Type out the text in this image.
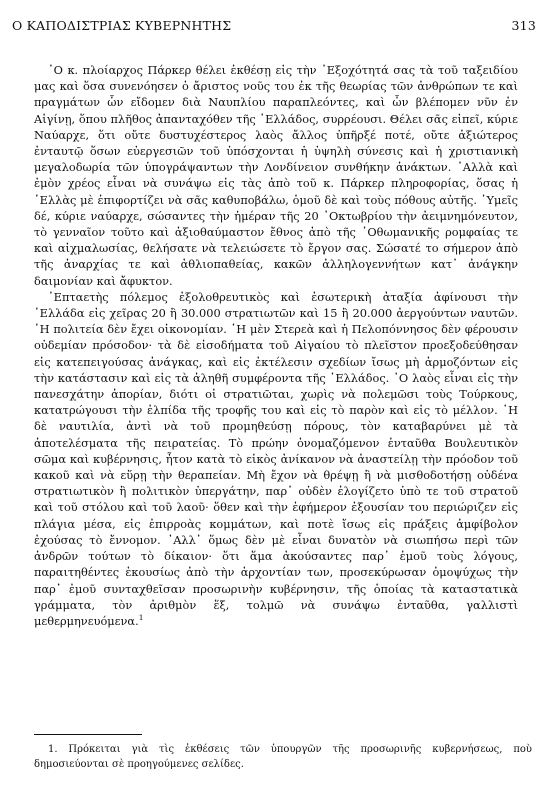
Ο ΚΑΠΟΔΙΣΤΡΙΑΣ ΚΥΒΕΡΝΗΤΗΣ	313

᾿Ο κ. πλοίαρχος Πάρκερ θέλει ἐκθέσῃ εἰς τὴν ᾿Εξοχότητά σας τὰ τοῦ ταξειδίου μας καὶ ὅσα συνενόησεν ὁ ἄριστος νοῦς του ἐκ τῆς θεωρίας τῶν ἀνθρώπων τε καὶ πραγμάτων ὧν εἴδομεν διὰ Ναυπλίου παραπλεόντες, καὶ ὧν βλέπομεν νῦν ἐν Αἰγίνῃ, ὅπου πλῆθος ἀπανταχόθεν τῆς ῾Ελλάδος, συρρέουσι. Θέλει σᾶς εἰπεῖ, κύριε Ναύαρχε, ὅτι οὔτε δυστυχέστερος λαὸς ἄλλος ὑπῆρξέ ποτέ, οὔτε ἀξιώτερος ἐνταυτῷ ὅσων εὐεργεσιῶν τοῦ ὑπόσχονται ἡ ὑψηλὴ σύνεσις καὶ ἡ χριστιανικὴ μεγαλοδωρία τῶν ὑπογράψαντων τὴν Λονδίνειον συνθήκην ἀνάκτων. ᾿Αλλὰ καὶ ἐμὸν χρέος εἶναι νὰ συνάψω εἰς τὰς ἀπὸ τοῦ κ. Πάρκερ πληροφορίας, ὅσας ἡ ῾Ελλὰς μὲ ἐπιφορτίζει νὰ σᾶς καθυποβάλω, ὁμοῦ δὲ καὶ τοὺς πόθους αὐτῆς. ῾Υμεῖς δέ, κύριε ναύαρχε, σώσαντες τὴν ἡμέραν τῆς 20 ᾿Οκτωβρίου τὴν ἀειμνημόνευτον, τὸ γενναῖον τοῦτο καὶ ἀξιοθαύμαστον ἔθνος ἀπὸ τῆς ᾿Οθωμανικῆς ρομφαίας τε καὶ αἰχμαλωσίας, θελήσατε νὰ τελειώσετε τὸ ἔργον σας. Σώσατέ το σήμερον ἀπὸ τῆς ἀναρχίας τε καὶ ἀθλιοπαθείας, κακῶν ἀλληλογεννήτων κατ᾿ ἀνάγκην δαιμονίαν καὶ ἄφυκτον.

᾿Επταετὴς πόλεμος ἐξολοθρευτικὸς καὶ ἐσωτερικὴ ἀταξία ἀφίνουσι τὴν ῾Ελλάδα εἰς χεῖρας 20 ἢ 30.000 στρατιωτῶν καὶ 15 ἢ 20.000 ἀεργούντων ναυτῶν. ῾Η πολιτεία δὲν ἔχει οἰκονομίαν. ῾Η μὲν Στερεὰ καὶ ἡ Πελοπόννησος δὲν φέρουσιν οὐδεμίαν πρόσοδον· τὰ δὲ εἰσοδήματα τοῦ Αἰγαίου τὸ πλεῖστον προεξοδεύθησαν εἰς κατεπειγούσας ἀνάγκας, καὶ εἰς ἐκτέλεσιν σχεδίων ἴσως μὴ ἁρμοζόντων εἰς τὴν κατάστασιν καὶ εἰς τὰ ἀληθῆ συμφέροντα τῆς ῾Ελλάδος. ᾿Ο λαὸς εἶναι εἰς τὴν πανεσχάτην ἀπορίαν, διότι οἱ στρατιῶται, χωρὶς νὰ πολεμῶσι τοὺς Τούρκους, κατατρώγουσι τὴν ἐλπίδα τῆς τροφῆς του καὶ εἰς τὸ παρὸν καὶ εἰς τὸ μέλλον. ῾Η δὲ ναυτιλία, ἀντὶ νὰ τοῦ προμηθεύσῃ πόρους, τὸν καταβαρύνει μὲ τὰ ἀποτελέσματα τῆς πειρατείας. Τὸ πρώην ὀνομαζόμενον ἐνταῦθα Βουλευτικὸν σῶμα καὶ κυβέρνησις, ἦτον κατὰ τὸ εἰκὸς ἀνίκανον νὰ ἀναστείλῃ τὴν πρόοδον τοῦ κακοῦ καὶ νὰ εὕρῃ τὴν θεραπείαν. Μὴ ἔχον νὰ θρέψῃ ἢ νὰ μισθοδοτήσῃ οὐδένα στρατιωτικὸν ἢ πολιτικὸν ὑπεργάτην, παρ᾿ οὐδὲν ἐλογίζετο ὑπὸ τε τοῦ στρατοῦ καὶ τοῦ στόλου καὶ τοῦ λαοῦ· ὅθεν καὶ τὴν ἐφήμερον ἐξουσίαν του περιώριζεν εἰς πλάγια μέσα, εἰς ἐπιρροὰς κομμάτων, καὶ ποτὲ ἴσως εἰς πράξεις ἀμφίβολον ἐχούσας τὸ ἔννομον. ᾿Αλλ᾿ ὅμως δὲν μὲ εἶναι δυνατὸν νὰ σιωπήσω περὶ τῶν ἀνδρῶν τούτων τὸ δίκαιον· ὅτι ἅμα ἀκούσαντες παρ᾿ ἐμοῦ τοὺς λόγους, παραιτηθέντες ἑκουσίως ἀπὸ τὴν ἀρχοντίαν των, προσεκύρωσαν ὁμοψύχως τὴν παρ᾿ ἐμοῦ συνταχθεῖσαν προσωρινὴν κυβέρνησιν, τῆς ὁποίας τὰ καταστατικὰ γράμματα, τὸν ἀριθμὸν ἕξ, τολμῶ νὰ συνάψω ἐνταῦθα, γαλλιστὶ μεθερμηνευόμενα.$^1$

1. Πρόκειται γιὰ τὶς ἐκθέσεις τῶν ὑπουργῶν τῆς προσωρινῆς κυβερνήσεως, ποὺ δημοσιεύονται σὲ προηγούμενες σελίδες.
